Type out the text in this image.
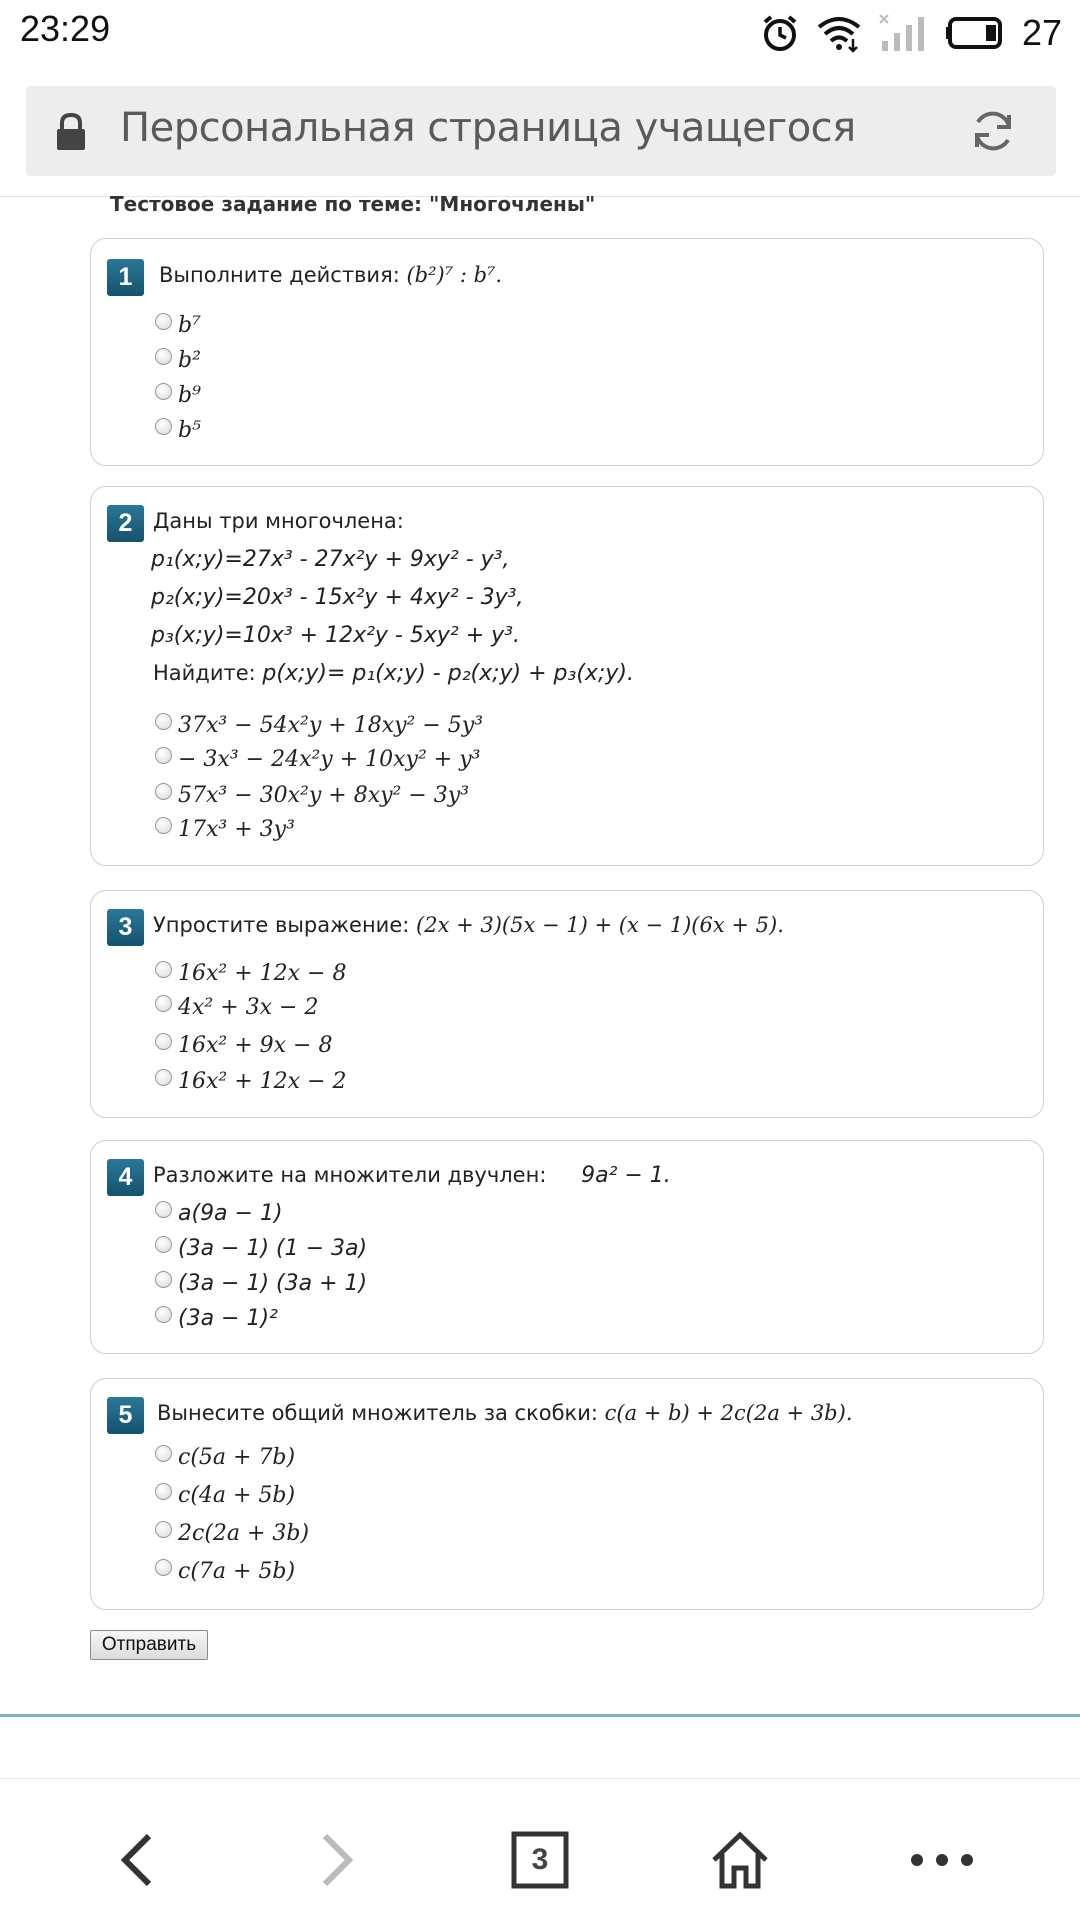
23:29	27
Персональная страница учащегося
Тестовое задание по теме: "Многочлены"
1	Выполните действия: (b²)⁷ : b⁷.
b⁷
b²
b⁹
b⁵
2 Даны три многочлена:
p₁(x;y)=27x³ - 27x²y + 9xy² - y³,
p₂(x;y)=20x³ - 15x²y + 4xy² - 3y³,
p₃(x;y)=10x³ + 12x²y - 5xy² + y³.
Найдите: p(x;y)= p₁(x;y) - p₂(x;y) + p₃(x;y).
37x³ − 54x²y + 18xy² − 5y³
− 3x³ − 24x²y + 10xy² + y³
57x³ − 30x²y + 8xy² − 3y³
17x³ + 3y³
3 Упростите выражение: (2x + 3)(5x − 1) + (x − 1)(6x + 5).
16x² + 12x − 8
4x² + 3x − 2
16x² + 9x − 8
16x² + 12x − 2
4 Разложите на множители двучлен: 9a² − 1.
a(9a − 1)
(3a − 1) (1 − 3a)
(3a − 1) (3a + 1)
(3a − 1)²
5	Вынесите общий множитель за скобки: c(a + b) + 2c(2a + 3b).
c(5a + 7b)
c(4a + 5b)
2c(2a + 3b)
c(7a + 5b)
Отправить
3
